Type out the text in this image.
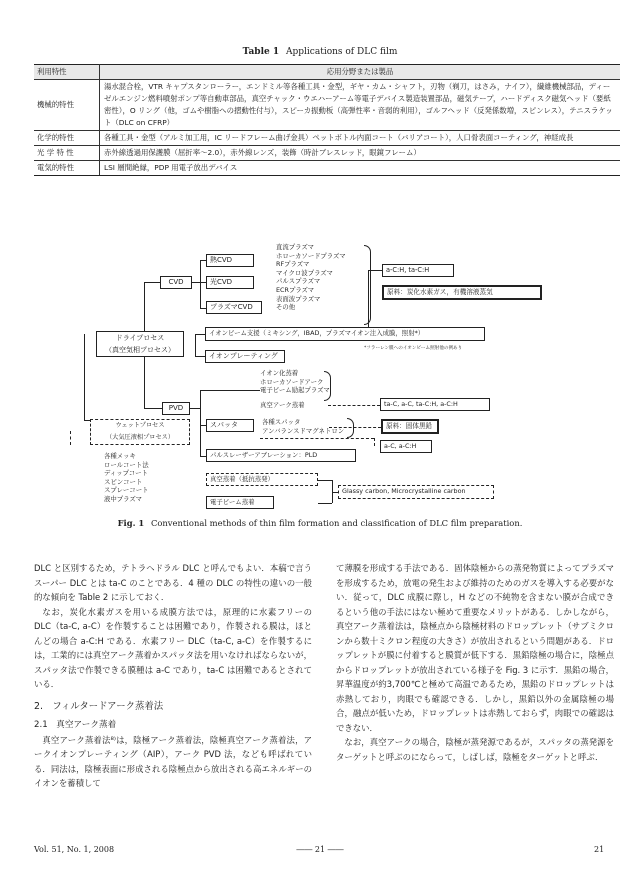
Table 1 Applications of DLC film
利用特性	応用分野または製品
機械的特性	湯水混合栓，VTR キャプスタンローラー，エンドミル等各種工具・金型，ギヤ・カム・シャフト，刃物（剃刀，はさみ，ナイフ），繊維機械部品，ディーゼルエンジン燃料噴射ポンプ等自動車部品，真空チャック・ウエハーアーム等電子デバイス製造装置部品，磁気テープ，ハードディスク磁気ヘッド（要紙密性），O リング（他，ゴムや樹脂への摺動性付与），スピーカ振動板（高弾性率・音弱的利用），ゴルフヘッド（反発係数増，スピンレス），テニスラケット（DLC on CFRP）
化学的特性	各種工具・金型（アルミ加工用，IC リードフレーム曲げ金具）ペットボトル内面コート（バリアコート），人口骨表面コーティング，神経成長
光 学 特 性	赤外線透過用保護膜（屈折率～2.0），赤外線レンズ，装飾（時計ブレスレッド，眼鏡フレーム）
電気的特性	LSI 層間絶縁，PDP 用電子放出デバイス
ドライプロセス
（真空気相プロセス）
ウェットプロセス
（大気圧液相プロセス）
CVD
PVD
熱CVD
光CVD
プラズマCVD
イオンビーム支援（ミキシング，IBAD，プラズマイオン注入成膜，照射*）
イオンプレーティング
スパッタ
パルスレーザーアブレーション：PLD
真空蒸着（抵抗蒸発）
電子ビーム蒸着
a-C:H, ta-C:H
原料：炭化水素ガス，有機溶液蒸気
ta-C, a-C, ta-C:H, a-C:H
原料：固体黒鉛
a-C, a-C:H
Glassy carbon, Microcrystalline carbon
直流プラズマ
ホローカソードプラズマ
RFプラズマ
マイクロ波プラズマ
パルスプラズマ
ECRプラズマ
表面波プラズマ
その他
*フラーレン膜へのイオンビーム照射他の例あり
イオン化蒸着
ホローカソードアーク
電子ビーム励起プラズマ
真空アーク蒸着
各種スパッタ
アンバランスドマグネトロン
各種メッキ
ロールコート法
ディップコート
スピンコート
スプレーコート
液中プラズマ
Fig. 1 Conventional methods of thin film formation and classification of DLC film preparation.

DLC と区別するため，テトラヘドラル DLC と呼んでもよい．本稿で言うスーパー DLC とは ta-C のことである．4 種の DLC の特性の違いの一般的な傾向を Table 2 に示しておく．

なお，炭化水素ガスを用いる成膜方法では，原理的に水素フリーの DLC（ta-C, a-C）を作製することは困難であり，作製される膜は，ほとんどの場合 a-C:H である．水素フリー DLC（ta-C, a-C）を作製するには，工業的には真空アーク蒸着かスパッタ法を用いなければならないが，スパッタ法で作製できる膜種は a-C であり，ta-C は困難であるとされている．

2.　フィルタードアーク蒸着法
2.1　真空アーク蒸着

真空アーク蒸着法⁸⁾は，陰極アーク蒸着法，陰極真空アーク蒸着法，アークイオンプレーティング（AIP），アーク PVD 法，なども呼ばれている．同法は，陰極表面に形成される陰極点から放出される高エネルギーのイオンを蓄積して

て薄膜を形成する手法である．固体陰極からの蒸発物質によってプラズマを形成するため，放電の発生および維持のためのガスを導入する必要がない．従って，DLC 成膜に際し，H などの不純物を含まない膜が合成できるという他の手法にはない極めて重要なメリットがある．しかしながら，真空アーク蒸着法は，陰極点から陰極材料のドロップレット（サブミクロンから数十ミクロン程度の大きさ）が放出されるという問題がある．ドロップレットが膜に付着すると膜質が低下する．黒鉛陰極の場合に，陰極点からドロップレットが放出されている様子を Fig. 3 に示す．黒鉛の場合，昇華温度が約3,700℃と極めて高温であるため，黒鉛のドロップレットは赤熱しており，肉眼でも確認できる．しかし，黒鉛以外の金属陰極の場合，融点が低いため，ドロップレットは赤熱しておらず，肉眼での確認はできない．

なお，真空アークの場合，陰極が蒸発源であるが，スパッタの蒸発源をターゲットと呼ぶのにならって，しばしば，陰極をターゲットと呼ぶ．

Vol. 51, No. 1, 2008	―― 21 ――	21
